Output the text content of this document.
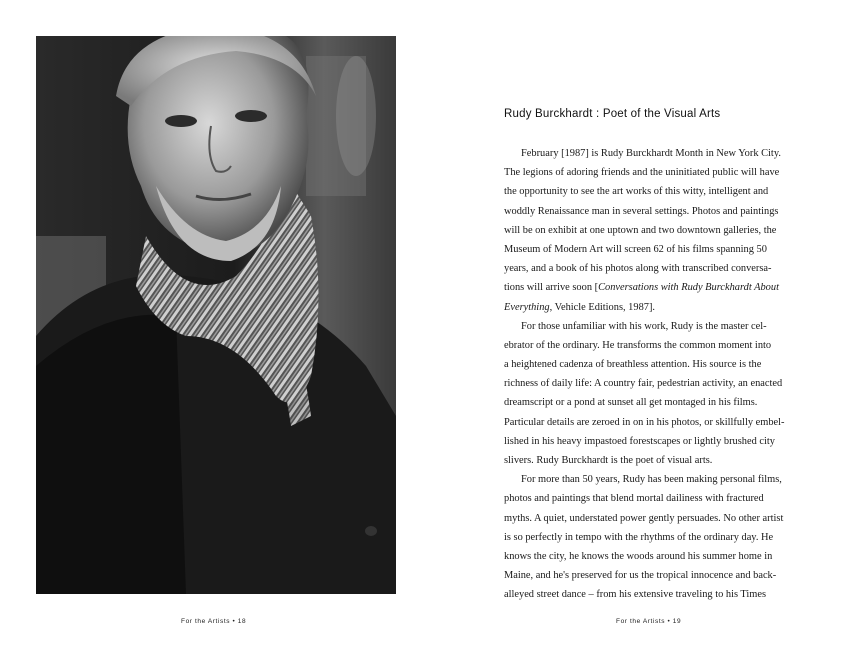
For the Artists • 18
Rudy Burckhardt : Poet of the Visual Arts
February [1987] is Rudy Burckhardt Month in New York City.
The legions of adoring friends and the uninitiated public will have
the opportunity to see the art works of this witty, intelligent and
woddly Renaissance man in several settings. Photos and paintings
will be on exhibit at one uptown and two downtown galleries, the
Museum of Modern Art will screen 62 of his films spanning 50
years, and a book of his photos along with transcribed conversa-
tions will arrive soon [Conversations with Rudy Burckhardt About
Everything, Vehicle Editions, 1987].
For those unfamiliar with his work, Rudy is the master cel-
ebrator of the ordinary. He transforms the common moment into
a heightened cadenza of breathless attention. His source is the
richness of daily life: A country fair, pedestrian activity, an enacted
dreamscript or a pond at sunset all get montaged in his films.
Particular details are zeroed in on in his photos, or skillfully embel-
lished in his heavy impastoed forestscapes or lightly brushed city
slivers. Rudy Burckhardt is the poet of visual arts.
For more than 50 years, Rudy has been making personal films,
photos and paintings that blend mortal dailiness with fractured
myths. A quiet, understated power gently persuades. No other artist
is so perfectly in tempo with the rhythms of the ordinary day. He
knows the city, he knows the woods around his summer home in
Maine, and he's preserved for us the tropical innocence and back-
alleyed street dance – from his extensive traveling to his Times
For the Artists • 19
